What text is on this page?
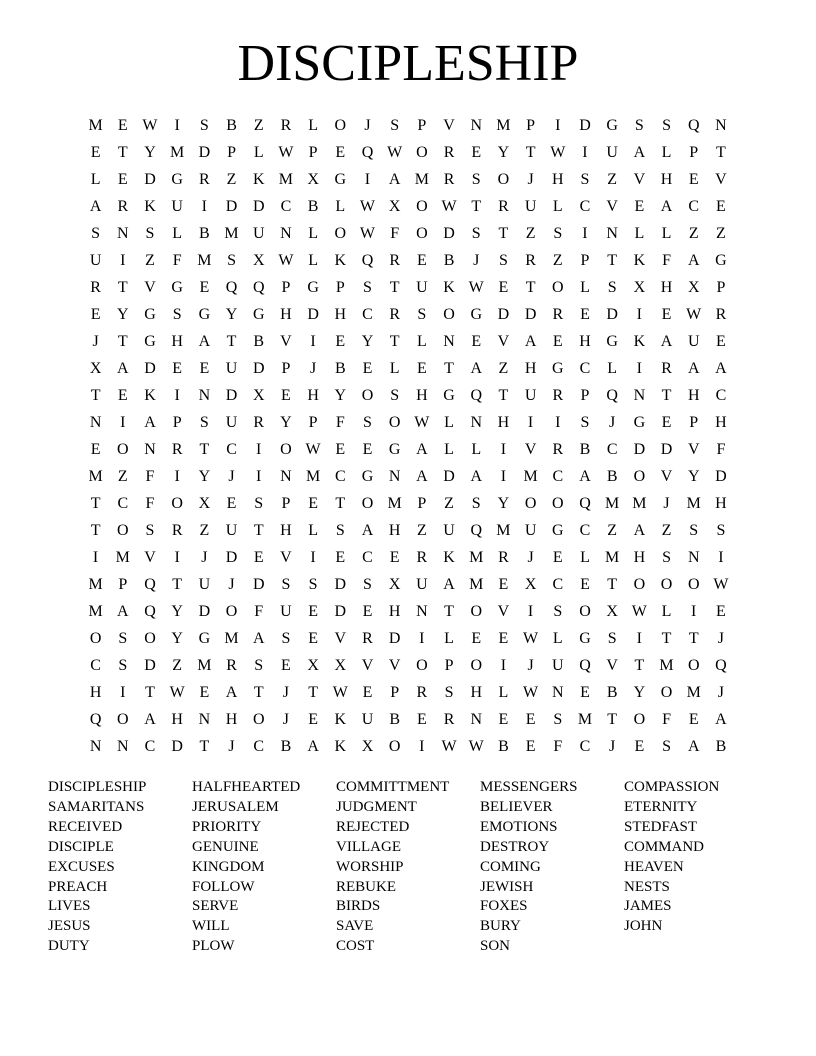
DISCIPLESHIP
M E W	I	S	B	Z	R	L	O	J	S	P	V N M P	I	D G	S	S	Q N
E	T	Y M D	P	L W P	E	Q W O	R	E	Y	T W	I	U A	L	P	T
L	E	D G	R	Z	K M X G	I	A M R	S	O	J	H	S	Z	V H	E	V
A	R	K U	I	D D	C	B	L W X O W T	R	U	L	C	V	E	A	C	E
S	N	S	L	B M U N	L	O W F	O D	S	T	Z	S	I	N	L	L	Z	Z
U	I	Z	F M S	X W L	K Q	R	E	B	J	S	R	Z	P	T	K	F	A G
R	T	V G	E	Q Q	P	G	P	S	T	U K W E	T	O	L	S	X H X	P
E	Y G	S	G Y G H D H	C	R	S	O G D D	R	E	D	I	E W R
J	T	G H A	T	B	V	I	E	Y	T	L	N	E	V A	E	H G K A U	E
X A D	E	E	U D	P	J	B	E	L	E	T	A	Z	H G	C	L	I	R	A A
T	E	K	I	N D X	E	H Y O	S	H G Q	T	U	R	P	Q N	T	H	C
N	I	A	P	S	U	R	Y	P	F	S	O W L	N H	I	I	S	J	G	E	P	H
E	O N	R	T	C	I	O W E	E	G A	L	L	I	V	R	B	C	D D V	F
M Z	F	I	Y	J	I	N M C	G N A D A	I	M C	A	B	O V Y D
T	C	F	O X	E	S	P	E	T	O M P	Z	S	Y O O Q M M	J	M H
T	O	S	R	Z	U	T	H	L	S	A H	Z	U Q M U G	C	Z	A	Z	S	S
I	M V	I	J	D	E	V	I	E	C	E	R	K M R	J	E	L M H	S	N	I
M P	Q	T	U	J	D	S	S	D	S	X U A M E	X	C	E	T	O O O W
M A Q Y D O	F	U	E	D	E	H N	T	O V	I	S	O X W L	I	E
O	S	O Y G M A	S	E	V	R	D	I	L	E	E W L	G	S	I	T	T	J
C	S	D	Z M R	S	E	X X V V O	P	O	I	J	U Q V	T M O Q
H	I	T W E	A	T	J	T W E	P	R	S	H	L W N	E	B	Y O M	J
Q O A H N H O	J	E	K U	B	E	R	N	E	E	S M T	O	F	E	A
N N	C	D	T	J	C	B	A K X O	I	W W B	E	F	C	J	E	S	A	B
DISCIPLESHIP
SAMARITANS
RECEIVED
DISCIPLE
EXCUSES
PREACH
LIVES
JESUS
DUTY
HALFHEARTED
JERUSALEM
PRIORITY
GENUINE
KINGDOM
FOLLOW
SERVE
WILL
PLOW
COMMITTMENT
JUDGMENT
REJECTED
VILLAGE
WORSHIP
REBUKE
BIRDS
SAVE
COST
MESSENGERS
BELIEVER
EMOTIONS
DESTROY
COMING
JEWISH
FOXES
BURY
SON
COMPASSION
ETERNITY
STEDFAST
COMMAND
HEAVEN
NESTS
JAMES
JOHN
